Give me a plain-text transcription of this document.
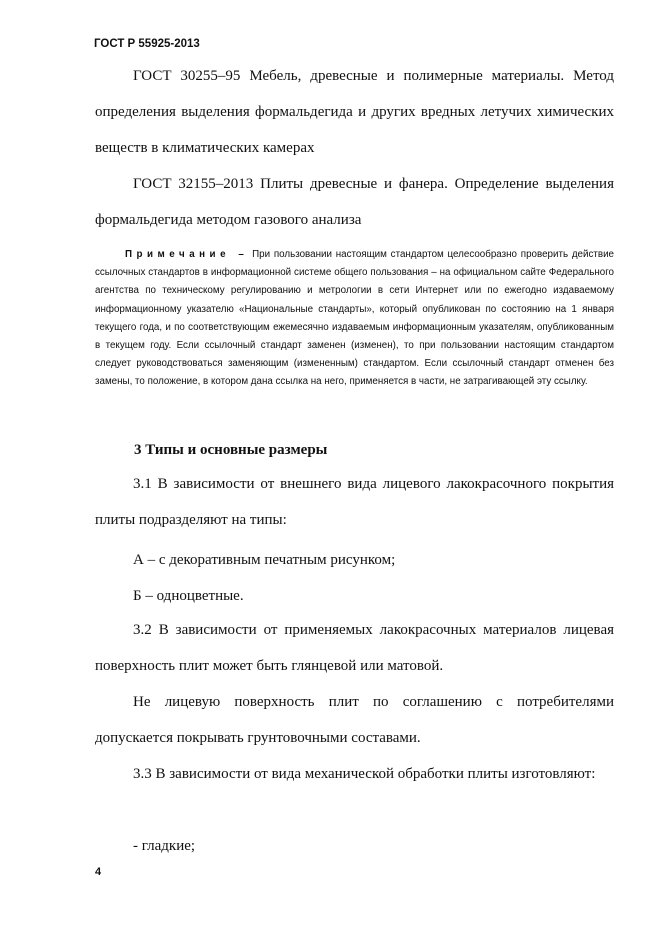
ГОСТ Р 55925-2013

ГОСТ 30255–95 Мебель, древесные и полимерные материалы. Метод определения выделения формальдегида и других вредных летучих химических веществ в климатических камерах

ГОСТ 32155–2013 Плиты древесные и фанера. Определение выделения формальдегида методом газового анализа

Примечание – При пользовании настоящим стандартом целесообразно проверить действие ссылочных стандартов в информационной системе общего пользования – на официальном сайте Федерального агентства по техническому регулированию и метрологии в сети Интернет или по ежегодно издаваемому информационному указателю «Национальные стандарты», который опубликован по состоянию на 1 января текущего года, и по соответствующим ежемесячно издаваемым информационным указателям, опубликованным в текущем году. Если ссылочный стандарт заменен (изменен), то при пользовании настоящим стандартом следует руководствоваться заменяющим (измененным) стандартом. Если ссылочный стандарт отменен без замены, то положение, в котором дана ссылка на него, применяется в части, не затрагивающей эту ссылку.

3 Типы и основные размеры

3.1 В зависимости от внешнего вида лицевого лакокрасочного покрытия плиты подразделяют на типы:

А – с декоративным печатным рисунком;

Б – одноцветные.

3.2 В зависимости от применяемых лакокрасочных материалов лицевая поверхность плит может быть глянцевой или матовой.

Не лицевую поверхность плит по соглашению с потребителями допускается покрывать грунтовочными составами.

3.3 В зависимости от вида механической обработки плиты изготовляют:

- гладкие;

4
